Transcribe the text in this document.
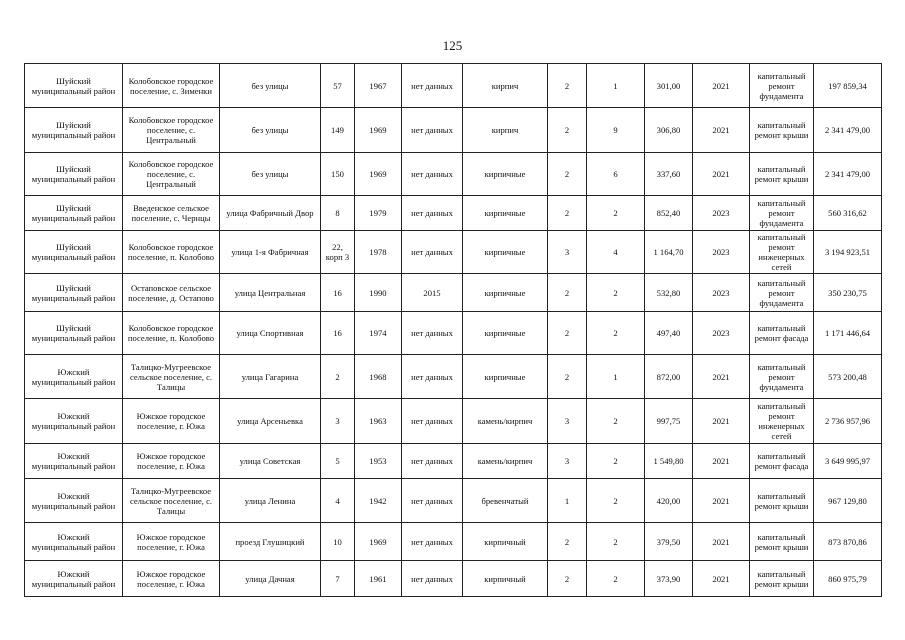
125
Шуйский муниципальный район	Колобовское городское поселение, с. Зименки	без улицы	57	1967	нет данных	кирпич	2	1	301,00	2021	капитальный ремонт фундамента	197 859,34
Шуйский муниципальный район	Колобовское городское поселение, с. Центральный	без улицы	149	1969	нет данных	кирпич	2	9	306,80	2021	капитальный ремонт крыши	2 341 479,00
Шуйский муниципальный район	Колобовское городское поселение, с. Центральный	без улицы	150	1969	нет данных	кирпичные	2	6	337,60	2021	капитальный ремонт крыши	2 341 479,00
Шуйский муниципальный район	Введенское сельское поселение, с. Чернцы	улица Фабричный Двор	8	1979	нет данных	кирпичные	2	2	852,40	2023	капитальный ремонт фундамента	560 316,62
Шуйский муниципальный район	Колобовское городское поселение, п. Колобово	улица 1-я Фабричная	22, корп 3	1978	нет данных	кирпичные	3	4	1 164,70	2023	капитальный ремонт инженерных сетей	3 194 923,51
Шуйский муниципальный район	Остаповское сельское поселение, д. Остапово	улица Центральная	16	1990	2015	кирпичные	2	2	532,80	2023	капитальный ремонт фундамента	350 230,75
Шуйский муниципальный район	Колобовское городское поселение, п. Колобово	улица Спортивная	16	1974	нет данных	кирпичные	2	2	497,40	2023	капитальный ремонт фасада	1 171 446,64
Южский муниципальный район	Талицко-Мугреевское сельское поселение, с. Талицы	улица Гагарина	2	1968	нет данных	кирпичные	2	1	872,00	2021	капитальный ремонт фундамента	573 200,48
Южский муниципальный район	Южское городское поселение, г. Южа	улица Арсеньевка	3	1963	нет данных	камень/кирпич	3	2	997,75	2021	капитальный ремонт инженерных сетей	2 736 957,96
Южский муниципальный район	Южское городское поселение, г. Южа	улица Советская	5	1953	нет данных	камень/кирпич	3	2	1 549,80	2021	капитальный ремонт фасада	3 649 995,97
Южский муниципальный район	Талицко-Мугреевское сельское поселение, с. Талицы	улица Ленина	4	1942	нет данных	бревенчатый	1	2	420,00	2021	капитальный ремонт крыши	967 129,80
Южский муниципальный район	Южское городское поселение, г. Южа	проезд Глушицкий	10	1969	нет данных	кирпичный	2	2	379,50	2021	капитальный ремонт крыши	873 870,86
Южский муниципальный район	Южское городское поселение, г. Южа	улица Дачная	7	1961	нет данных	кирпичный	2	2	373,90	2021	капитальный ремонт крыши	860 975,79
